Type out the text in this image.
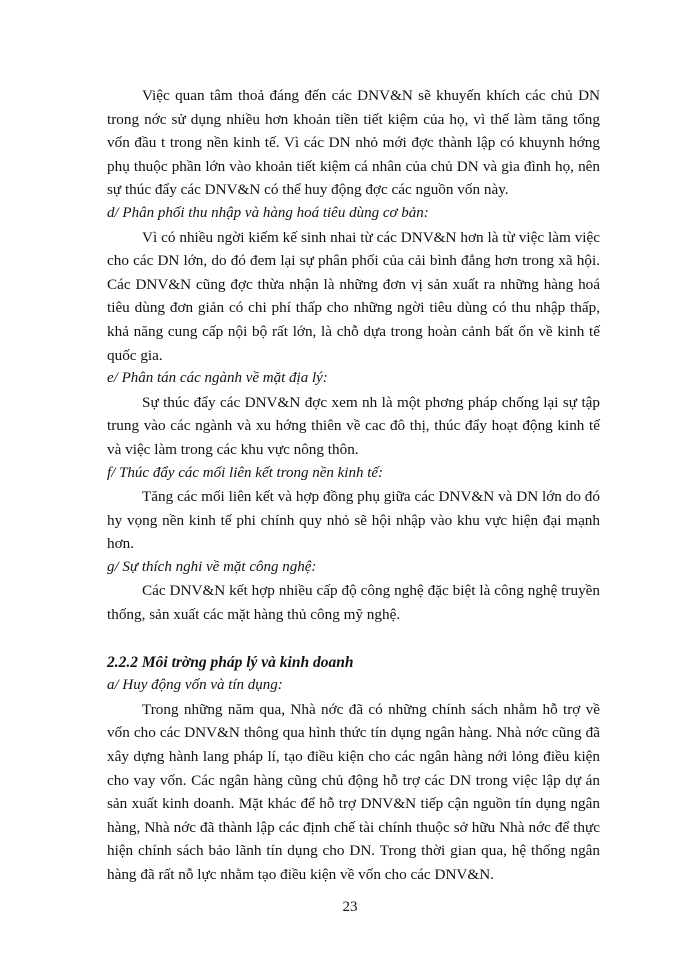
Việc quan tâm thoả đáng đến các DNV&N sẽ khuyến khích các chủ DN trong nớc sử dụng nhiều hơn khoản tiền tiết kiệm của họ, vì thế làm tăng tổng vốn đầu t trong nền kinh tế. Vì các DN nhỏ mới đợc thành lập có khuynh hớng phụ thuộc phần lớn vào khoản tiết kiệm cá nhân của chủ DN và gia đình họ, nên sự thúc đẩy các DNV&N có thể huy động đợc các nguồn vốn này.

d/ Phân phối thu nhập và hàng hoá tiêu dùng cơ bản:

Vì có nhiều ngời kiếm kế sinh nhai từ các DNV&N hơn là từ việc làm việc cho các DN lớn, do đó đem lại sự phân phối của cải bình đẳng hơn trong xã hội. Các DNV&N cũng đợc thừa nhận là những đơn vị sản xuất ra những hàng hoá tiêu dùng đơn giản có chi phí thấp cho những ngời tiêu dùng có thu nhập thấp, khả năng cung cấp nội bộ rất lớn, là chỗ dựa trong hoàn cảnh bất ổn về kinh tế quốc gia.

e/ Phân tán các ngành về mặt địa lý:

Sự thúc đẩy các DNV&N đợc xem nh là một phơng pháp chống lại sự tập trung vào các ngành và xu hớng thiên về cac đô thị, thúc đẩy hoạt động kinh tế và việc làm trong các khu vực nông thôn.

f/ Thúc đẩy các mối liên kết trong nền kinh tế:

Tăng các mối liên kết và hợp đồng phụ giữa các DNV&N và DN lớn do đó hy vọng nền kinh tế phi chính quy nhỏ sẽ hội nhập vào khu vực hiện đại mạnh hơn.

g/ Sự thích nghi về mặt công nghệ:

Các DNV&N kết hợp nhiều cấp độ công nghệ đặc biệt là công nghệ truyền thống, sản xuất các mặt hàng thủ công mỹ nghệ.

2.2.2 Môi trờng pháp lý và kinh doanh

a/ Huy động vốn và tín dụng:

Trong những năm qua, Nhà nớc đã có những chính sách nhằm hỗ trợ về vốn cho các DNV&N thông qua hình thức tín dụng ngân hàng. Nhà nớc cũng đã xây dựng hành lang pháp lí, tạo điều kiện cho các ngân hàng nới lỏng điều kiện cho vay vốn. Các ngân hàng cũng chủ động hỗ trợ các DN trong việc lập dự án sản xuất kinh doanh. Mặt khác để hỗ trợ DNV&N tiếp cận nguồn tín dụng ngân hàng, Nhà nớc đã thành lập các định chế tài chính thuộc sở hữu Nhà nớc để thực hiện chính sách bảo lãnh tín dụng cho DN. Trong thời gian qua, hệ thống ngân hàng đã rất nỗ lực nhằm tạo điều kiện về vốn cho các DNV&N.

23
